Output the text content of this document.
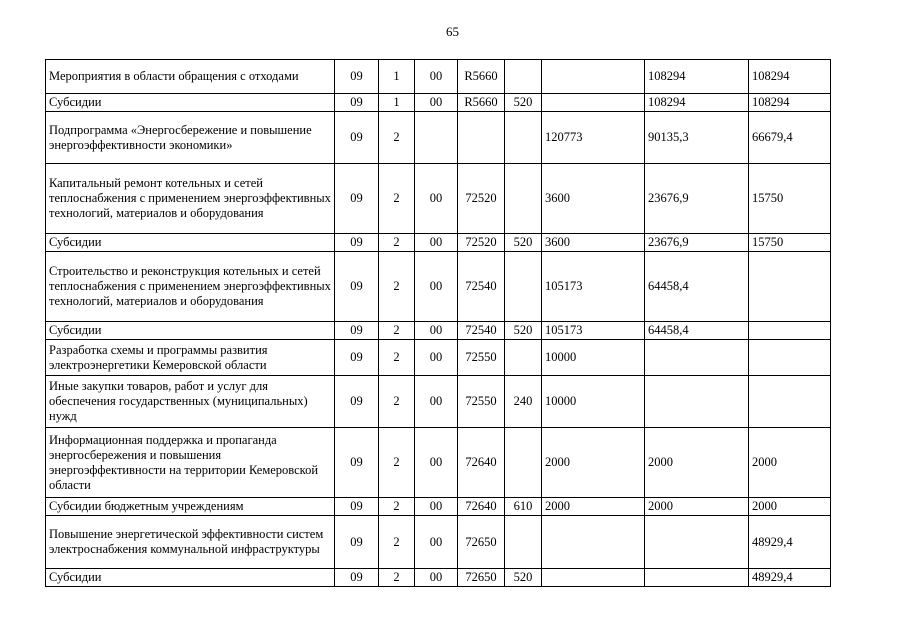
65
Мероприятия в области обращения с отходами	09	1	00	R5660			108294	108294
Субсидии	09	1	00	R5660	520		108294	108294
Подпрограмма «Энергосбережение и повышение энергоэффективности экономики»	09	2				120773	90135,3	66679,4
Капитальный ремонт котельных и сетей теплоснабжения с применением энергоэффективных технологий, материалов и оборудования	09	2	00	72520		3600	23676,9	15750
Субсидии	09	2	00	72520	520	3600	23676,9	15750
Строительство и реконструкция котельных и сетей теплоснабжения с применением энергоэффективных технологий, материалов и оборудования	09	2	00	72540		105173	64458,4	
Субсидии	09	2	00	72540	520	105173	64458,4	
Разработка схемы и программы развития электроэнергетики Кемеровской области	09	2	00	72550		10000		
Иные закупки товаров, работ и услуг для обеспечения государственных (муниципальных) нужд	09	2	00	72550	240	10000		
Информационная поддержка и пропаганда энергосбережения и повышения энергоэффективности на территории Кемеровской области	09	2	00	72640		2000	2000	2000
Субсидии бюджетным учреждениям	09	2	00	72640	610	2000	2000	2000
Повышение энергетической эффективности систем электроснабжения коммунальной инфраструктуры	09	2	00	72650				48929,4
Субсидии	09	2	00	72650	520			48929,4
